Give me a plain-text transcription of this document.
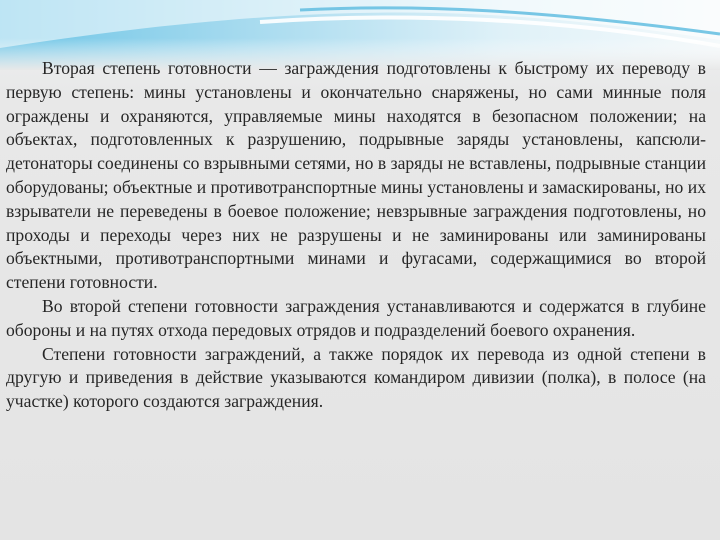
Вторая степень готовности — заграждения подготовлены к быстрому их переводу в первую степень: мины установлены и окончательно снаряжены, но сами минные поля ограждены и охраняются, управляемые мины находятся в безопасном положении; на объектах, подготовленных к разрушению, подрывные заряды установлены, капсюли-детонаторы соединены со взрывными сетями, но в заряды не вставлены, подрывные станции оборудованы; объектные и противотранспортные мины установлены и замаскированы, но их взрыватели не переведены в боевое положение; невзрывные заграждения подготовлены, но проходы и переходы через них не разрушены и не заминированы или заминированы объектными, противотранспортными минами и фугасами, содержащимися во второй степени готовности.

Во второй степени готовности заграждения устанавливаются и содержатся в глубине обороны и на путях отхода передовых отрядов и подразделений боевого охранения.

Степени готовности заграждений, а также порядок их перевода из одной степени в другую и приведения в действие указываются командиром дивизии (полка), в полосе (на участке) которого создаются заграждения.
